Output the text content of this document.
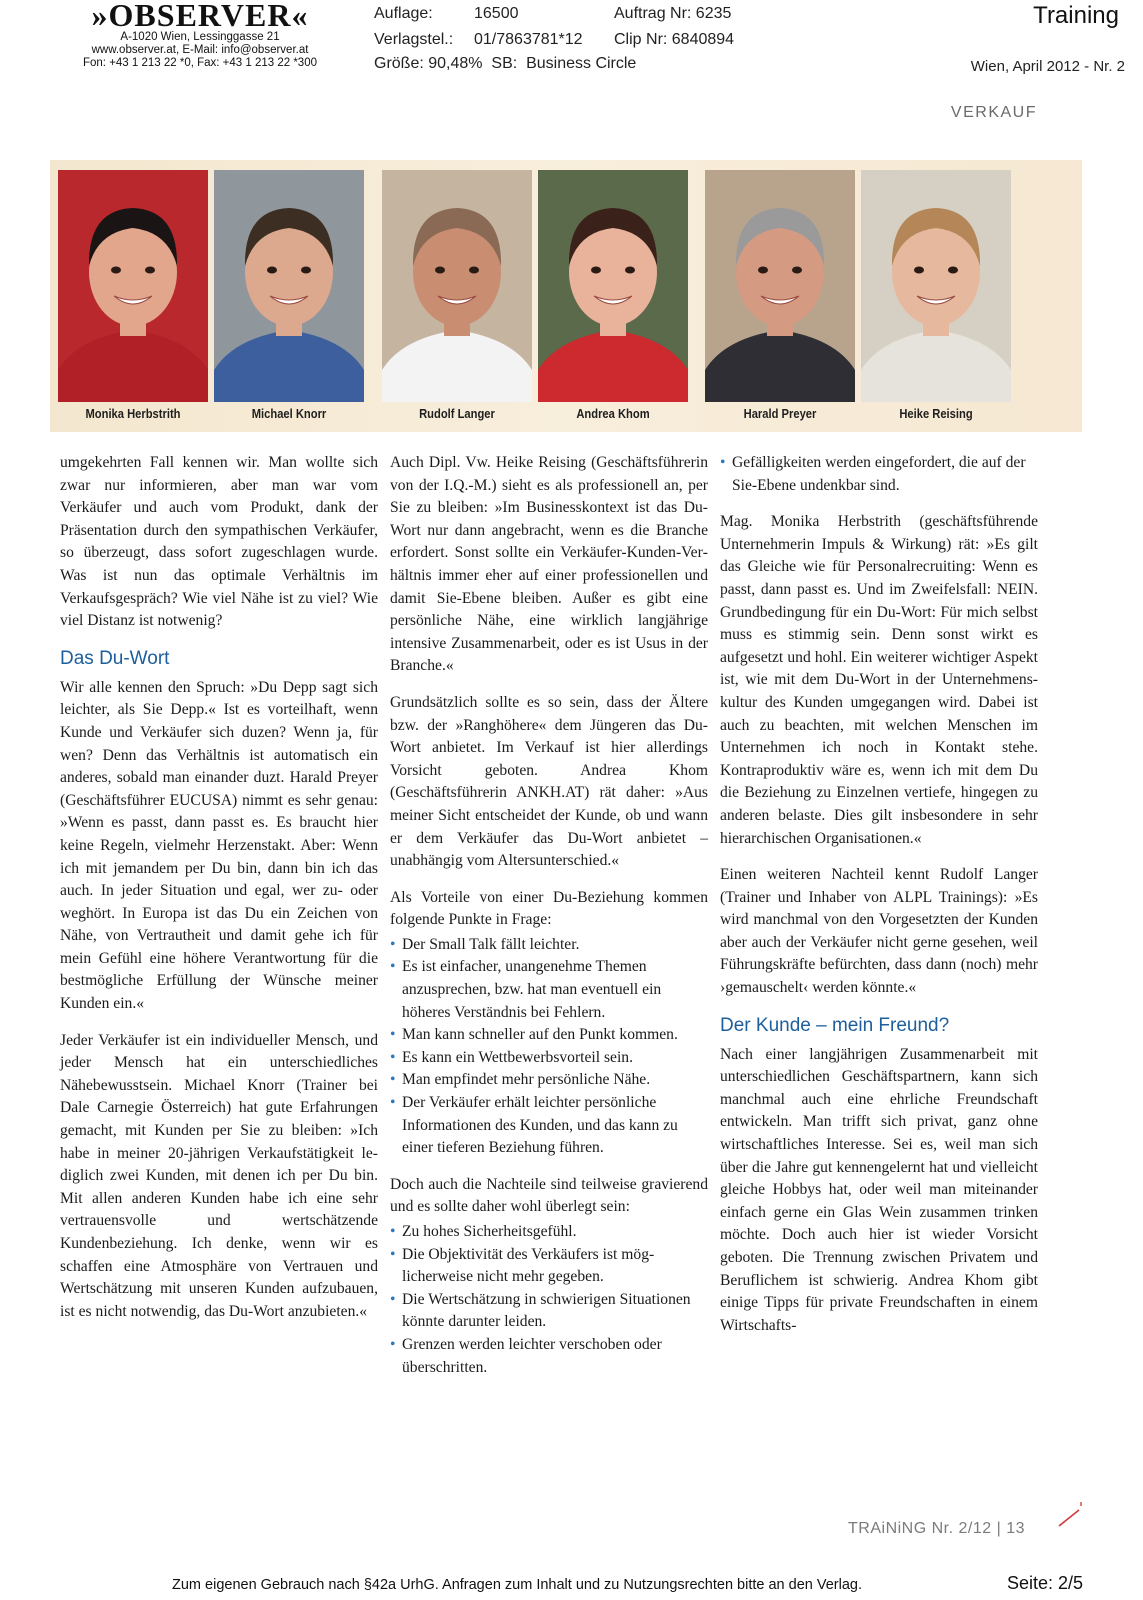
»OBSERVER«
A-1020 Wien, Lessinggasse 21
www.observer.at, E-Mail: info@observer.at
Fon: +43 1 213 22 *0, Fax: +43 1 213 22 *300
Auflage:	16500	Auftrag Nr: 6235
Verlagstel.: 01/7863781*12 Clip Nr: 6840894
Größe: 90,48%  SB:  Business Circle
Training
Wien, April 2012 - Nr. 2
VERKAUF
Monika Herbstrith	Michael Knorr	Rudolf Langer	Andrea Khom	Harald Preyer	Heike Reising

umgekehrten Fall kennen wir. Man wollte sich zwar nur informieren, aber man war vom Verkäufer und auch vom Produkt, dank der Präsentation durch den sympathischen Verkäufer, so überzeugt, dass sofort zugeschlagen wurde. Was ist nun das optimale Verhältnis im Verkaufsgespräch? Wie viel Nähe ist zu viel? Wie viel Distanz ist notwenig?

Das Du-Wort

Wir alle kennen den Spruch: »Du Depp sagt sich leichter, als Sie Depp.« Ist es vorteilhaft, wenn Kunde und Verkäufer sich duzen? Wenn ja, für wen? Denn das Verhältnis ist automatisch ein anderes, sobald man einander duzt. Harald Preyer (Geschäftsführer EUCUSA) nimmt es sehr genau: »Wenn es passt, dann passt es. Es braucht hier keine Regeln, vielmehr Herzenstakt. Aber: Wenn ich mit jemandem per Du bin, dann bin ich das auch. In jeder Situation und egal, wer zu- oder weghört. In Europa ist das Du ein Zeichen von Nähe, von Vertrautheit und damit gehe ich für mein Gefühl eine höhere Verantwortung für die bestmögliche Erfüllung der Wünsche meiner Kunden ein.«

Jeder Verkäufer ist ein individueller Mensch, und jeder Mensch hat ein unterschiedliches Nähebewusstsein. Michael Knorr (Trainer bei Dale Carnegie Österreich) hat gute Erfahrungen gemacht, mit Kunden per Sie zu bleiben: »Ich habe in meiner 20-jährigen Verkaufstätigkeit lediglich zwei Kunden, mit denen ich per Du bin. Mit allen anderen Kunden habe ich eine sehr vertrauensvolle und wertschätzende Kundenbeziehung. Ich denke, wenn wir es schaffen eine Atmosphäre von Vertrauen und Wertschätzung mit unseren Kunden aufzubauen, ist es nicht notwendig, das Du-Wort anzubieten.«

Auch Dipl. Vw. Heike Reising (Geschäftsführerin von der I.Q.-M.) sieht es als professionell an, per Sie zu bleiben: »Im Businesskontext ist das Du-Wort nur dann angebracht, wenn es die Branche erfordert. Sonst sollte ein Verkäufer-Kunden-Verhältnis immer eher auf einer professionellen und damit Sie-Ebene bleiben. Außer es gibt eine persönliche Nähe, eine wirklich langjährige intensive Zusammenarbeit, oder es ist Usus in der Branche.«

Grundsätzlich sollte es so sein, dass der Ältere bzw. der »Ranghöhere« dem Jüngeren das Du-Wort anbietet. Im Verkauf ist hier allerdings Vorsicht geboten. Andrea Khom (Geschäftsführerin ANKH.AT) rät daher: »Aus meiner Sicht entscheidet der Kunde, ob und wann er dem Verkäufer das Du-Wort anbietet – unabhängig vom Altersunterschied.«

Als Vorteile von einer Du-Beziehung kommen folgende Punkte in Frage:

• Der Small Talk fällt leichter.
• Es ist einfacher, unangenehme Themen anzusprechen, bzw. hat man eventuell ein höheres Verständnis bei Fehlern.
• Man kann schneller auf den Punkt kommen.
• Es kann ein Wettbewerbsvorteil sein.
• Man empfindet mehr persönliche Nähe.
• Der Verkäufer erhält leichter persönliche Informationen des Kunden, und das kann zu einer tieferen Beziehung führen.

Doch auch die Nachteile sind teilweise gravierend und es sollte daher wohl überlegt sein:

• Zu hohes Sicherheitsgefühl.
• Die Objektivität des Verkäufers ist möglicherweise nicht mehr gegeben.
• Die Wertschätzung in schwierigen Situationen könnte darunter leiden.
• Grenzen werden leichter verschoben oder überschritten.
• Gefälligkeiten werden eingefordert, die auf der Sie-Ebene undenkbar sind.

Mag. Monika Herbstrith (geschäftsführende Unternehmerin Impuls & Wirkung) rät: »Es gilt das Gleiche wie für Personalrecruiting: Wenn es passt, dann passt es. Und im Zweifelsfall: NEIN. Grundbedingung für ein Du-Wort: Für mich selbst muss es stimmig sein. Denn sonst wirkt es aufgesetzt und hohl. Ein weiterer wichtiger Aspekt ist, wie mit dem Du-Wort in der Unternehmenskultur des Kunden umgegangen wird. Dabei ist auch zu beachten, mit welchen Menschen im Unternehmen ich noch in Kontakt stehe. Kontraproduktiv wäre es, wenn ich mit dem Du die Beziehung zu Einzelnen vertiefe, hingegen zu anderen belaste. Dies gilt insbesondere in sehr hierarchischen Organisationen.«

Einen weiteren Nachteil kennt Rudolf Langer (Trainer und Inhaber von ALPL Trainings): »Es wird manchmal von den Vorgesetzten der Kunden aber auch der Verkäufer nicht gerne gesehen, weil Führungskräfte befürchten, dass dann (noch) mehr ›gemauschelt‹ werden könnte.«

Der Kunde – mein Freund?

Nach einer langjährigen Zusammenarbeit mit unterschiedlichen Geschäftspartnern, kann sich manchmal auch eine ehrliche Freundschaft entwickeln. Man trifft sich privat, ganz ohne wirtschaftliches Interesse. Sei es, weil man sich über die Jahre gut kennengelernt hat und vielleicht gleiche Hobbys hat, oder weil man miteinander einfach gerne ein Glas Wein zusammen trinken möchte. Doch auch hier ist wieder Vorsicht geboten. Die Trennung zwischen Privatem und Beruflichem ist schwierig. Andrea Khom gibt einige Tipps für private Freundschaften in einem Wirtschafts-

TRAiNiNG Nr. 2/12 | 13
Zum eigenen Gebrauch nach §42a UrhG. Anfragen zum Inhalt und zu Nutzungsrechten bitte an den Verlag.	Seite: 2/5
